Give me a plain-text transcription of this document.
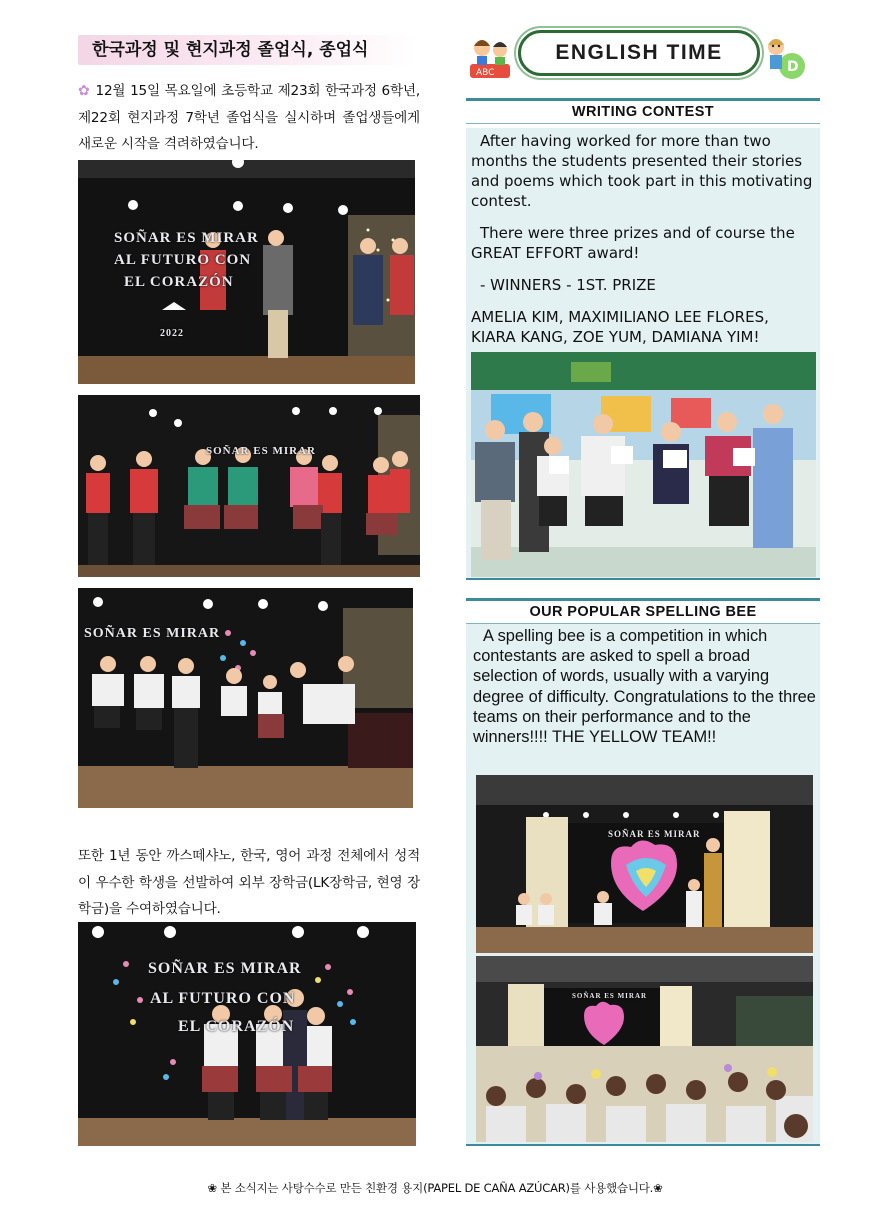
한국과정 및 현지과정 졸업식, 종업식
✿ 12월 15일 목요일에 초등학교 제23회 한국과정 6학년, 제22회 현지과정 7학년 졸업식을 실시하며 졸업생들에게 새로운 시작을 격려하였습니다.
SOÑAR ES MIRAR
AL FUTURO CON
EL CORAZÓN
2022
SOÑAR ES MIRAR
SOÑAR ES MIRAR
또한 1년 동안 까스떼샤노, 한국, 영어 과정 전체에서 성적이 우수한 학생을 선발하여 외부 장학금(LK장학금, 현영 장학금)을 수여하였습니다.
SOÑAR ES MIRAR
AL FUTURO CON
EL CORAZÓN
ABC
ENGLISH TIME
D
WRITING CONTEST

After having worked for more than two months the students presented their stories and poems which took part in this motivating contest.

There were three prizes and of course the GREAT EFFORT award!

- WINNERS - 1ST. PRIZE

AMELIA KIM, MAXIMILIANO LEE FLORES, KIARA KANG, ZOE YUM, DAMIANA YIM!

OUR POPULAR SPELLING BEE
A spelling bee is a competition in which contestants are asked to spell a broad selection of words, usually with a varying degree of difficulty. Congratulations to the three teams on their performance and to the winners!!!! THE YELLOW TEAM!!
SOÑAR ES MIRAR
SOÑAR ES MIRAR
❀ 본 소식지는 사탕수수로 만든 친환경 용지(PAPEL DE CAÑA AZÚCAR)를 사용했습니다.❀
